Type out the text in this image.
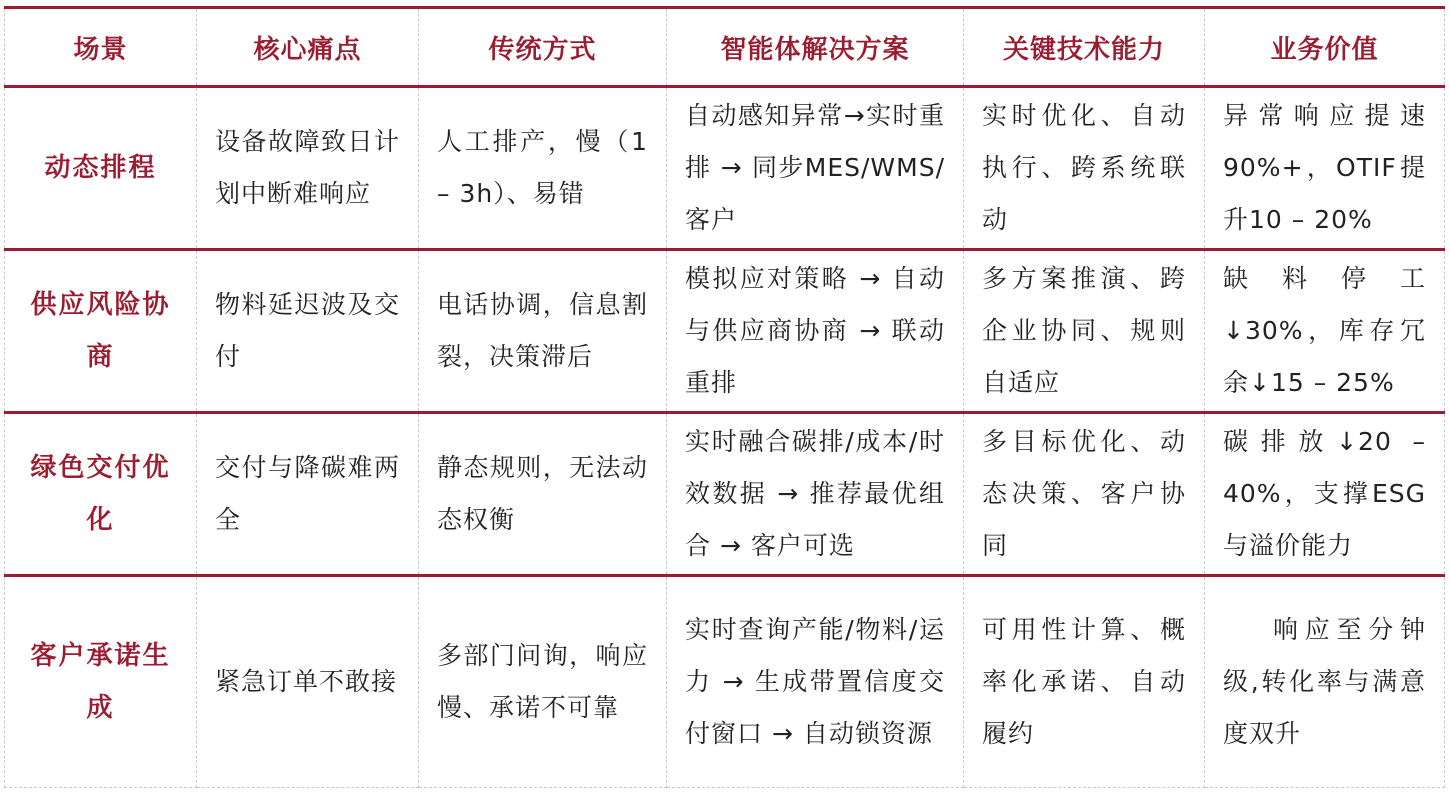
场景	核心痛点	传统方式	智能体解决方案	关键技术能力	业务价值
动态排程	设备故障致日计划中断难响应	人工排产，慢（1 – 3h）、易错	自动感知异常→实时重排 → 同步MES/WMS/客户	实时优化、自动执行、跨系统联动	异常响应提速90%+，OTIF提升10 – 20%
供应风险协商	物料延迟波及交付	电话协调，信息割裂，决策滞后	模拟应对策略 → 自动与供应商协商 → 联动重排	多方案推演、跨企业协同、规则自适应	缺料停工↓30%，库存冗余↓15 – 25%
绿色交付优化	交付与降碳难两全	静态规则，无法动态权衡	实时融合碳排/成本/时效数据 → 推荐最优组合 → 客户可选	多目标优化、动态决策、客户协同	碳排放↓20 – 40%，支撑ESG与溢价能力
客户承诺生成	紧急订单不敢接	多部门问询，响应慢、承诺不可靠	实时查询产能/物料/运力 → 生成带置信度交付窗口 → 自动锁资源	可用性计算、概率化承诺、自动履约	响应至分钟级,转化率与满意度双升
